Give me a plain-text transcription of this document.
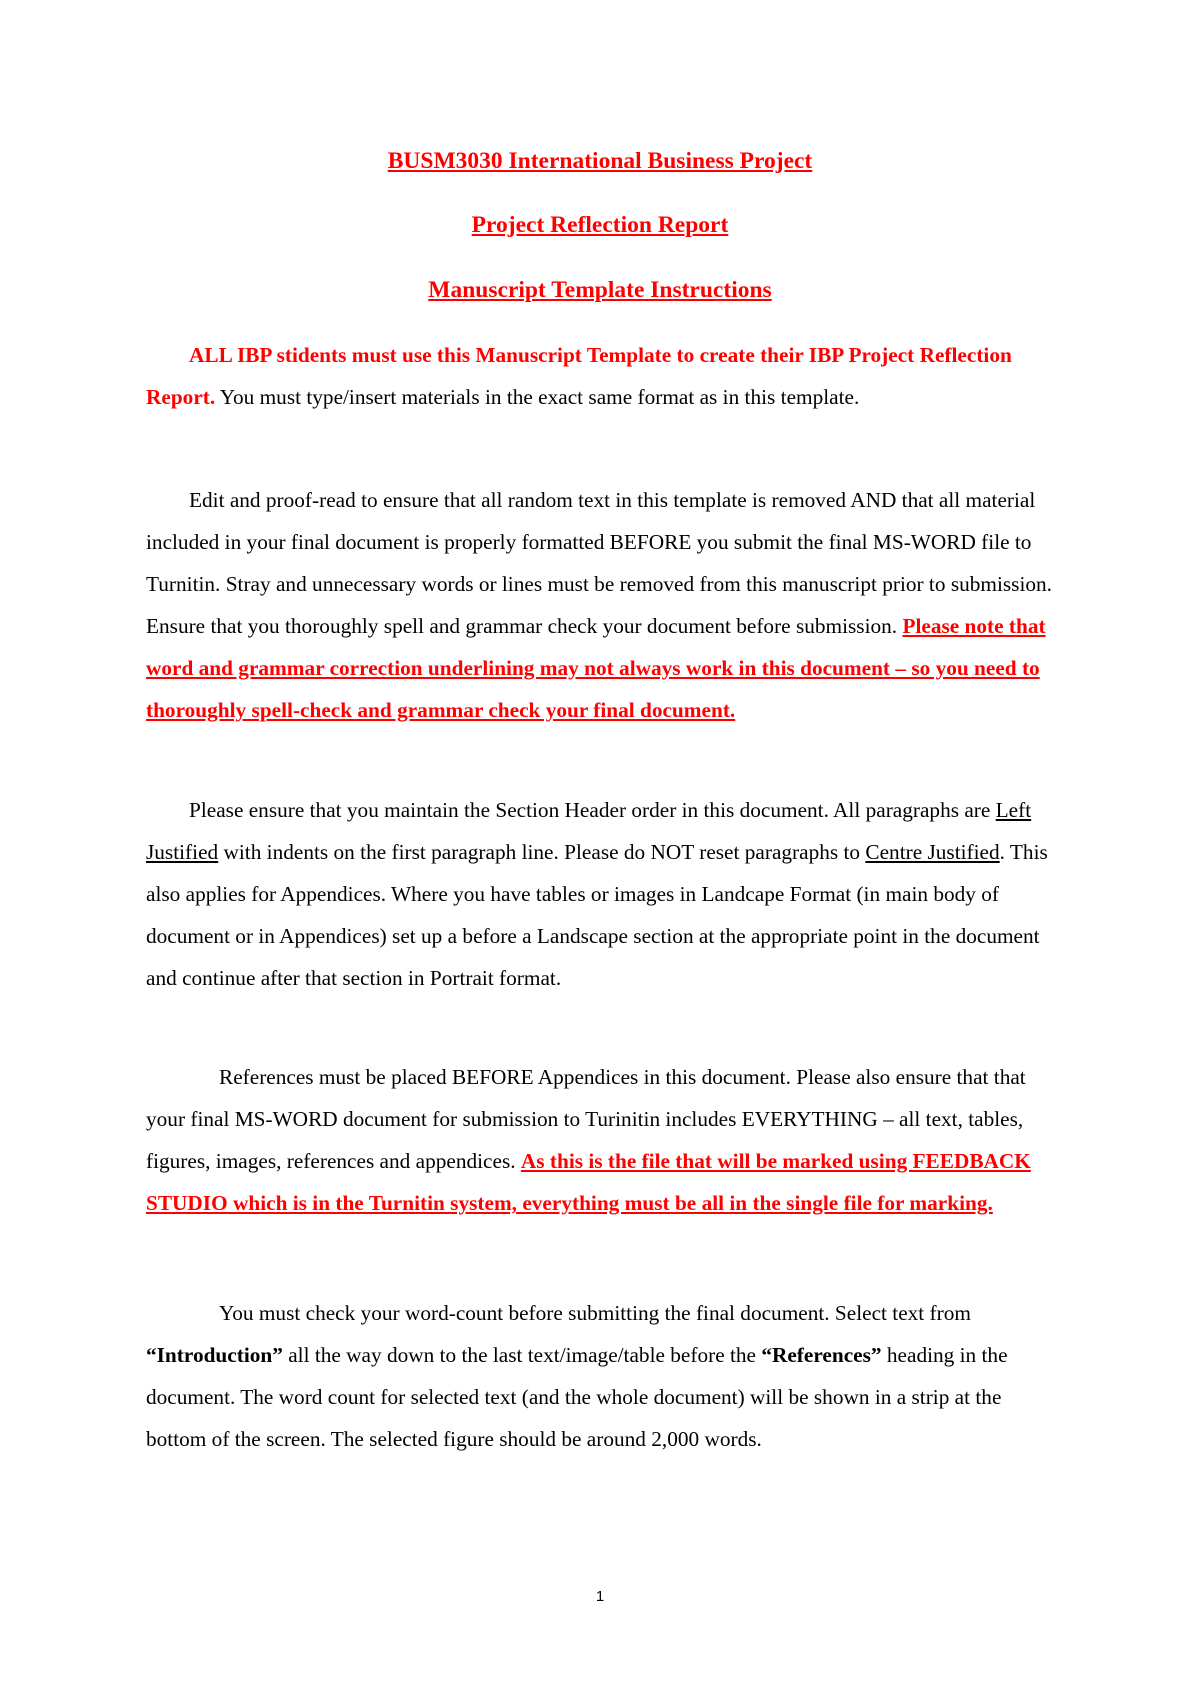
BUSM3030 International Business Project
Project Reflection Report
Manuscript Template Instructions
ALL IBP stidents must use this Manuscript Template to create their IBP Project Reflection Report. You must type/insert materials in the exact same format as in this template.
Edit and proof-read to ensure that all random text in this template is removed AND that all material included in your final document is properly formatted BEFORE you submit the final MS-WORD file to Turnitin. Stray and unnecessary words or lines must be removed from this manuscript prior to submission. Ensure that you thoroughly spell and grammar check your document before submission. Please note that word and grammar correction underlining may not always work in this document – so you need to thoroughly spell-check and grammar check your final document.
Please ensure that you maintain the Section Header order in this document. All paragraphs are Left Justified with indents on the first paragraph line. Please do NOT reset paragraphs to Centre Justified. This also applies for Appendices. Where you have tables or images in Landcape Format (in main body of document or in Appendices) set up a before a Landscape section at the appropriate point in the document and continue after that section in Portrait format.
References must be placed BEFORE Appendices in this document. Please also ensure that that your final MS-WORD document for submission to Turinitin includes EVERYTHING – all text, tables, figures, images, references and appendices. As this is the file that will be marked using FEEDBACK STUDIO which is in the Turnitin system, everything must be all in the single file for marking.
You must check your word-count before submitting the final document. Select text from “Introduction” all the way down to the last text/image/table before the “References” heading in the document. The word count for selected text (and the whole document) will be shown in a strip at the bottom of the screen. The selected figure should be around 2,000 words.
1
